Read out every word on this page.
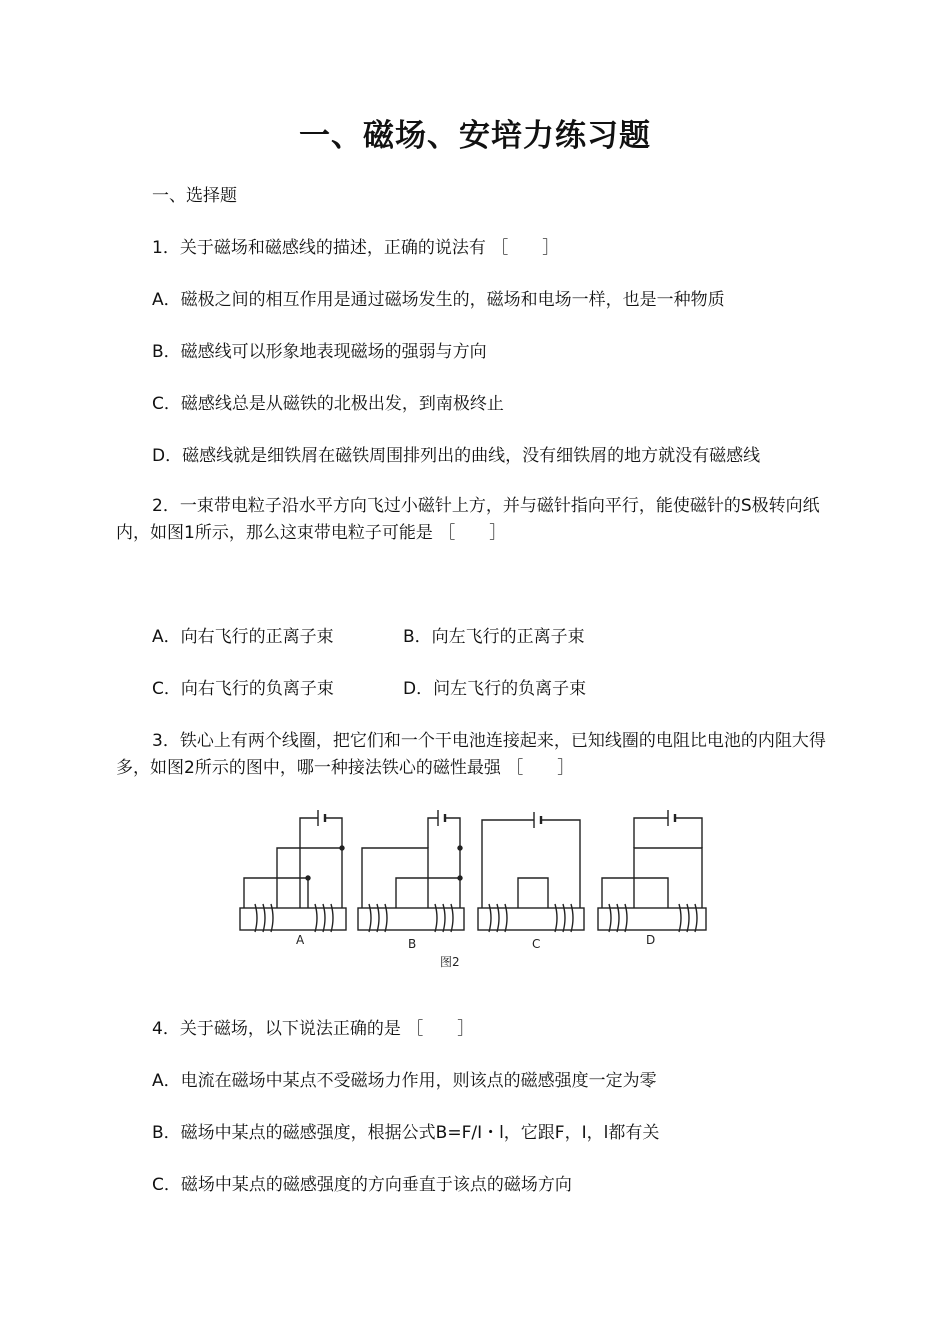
一、磁场、安培力练习题
一、选择题
1．关于磁场和磁感线的描述，正确的说法有 ［　　］
A．磁极之间的相互作用是通过磁场发生的，磁场和电场一样，也是一种物质
B．磁感线可以形象地表现磁场的强弱与方向
C．磁感线总是从磁铁的北极出发，到南极终止
D．磁感线就是细铁屑在磁铁周围排列出的曲线，没有细铁屑的地方就没有磁感线
2．一束带电粒子沿水平方向飞过小磁针上方，并与磁针指向平行，能使磁针的S极转向纸内，如图1所示，那么这束带电粒子可能是 ［　　］
A．向右飞行的正离子束	B．向左飞行的正离子束
C．向右飞行的负离子束	D．问左飞行的负离子束
3．铁心上有两个线圈，把它们和一个干电池连接起来，已知线圈的电阻比电池的内阻大得多，如图2所示的图中，哪一种接法铁心的磁性最强 ［　　］
A	B	C	D
图2
4．关于磁场，以下说法正确的是 ［　　］
A．电流在磁场中某点不受磁场力作用，则该点的磁感强度一定为零
B．磁场中某点的磁感强度，根据公式B=F/I・l，它跟F，I，l都有关
C．磁场中某点的磁感强度的方向垂直于该点的磁场方向
